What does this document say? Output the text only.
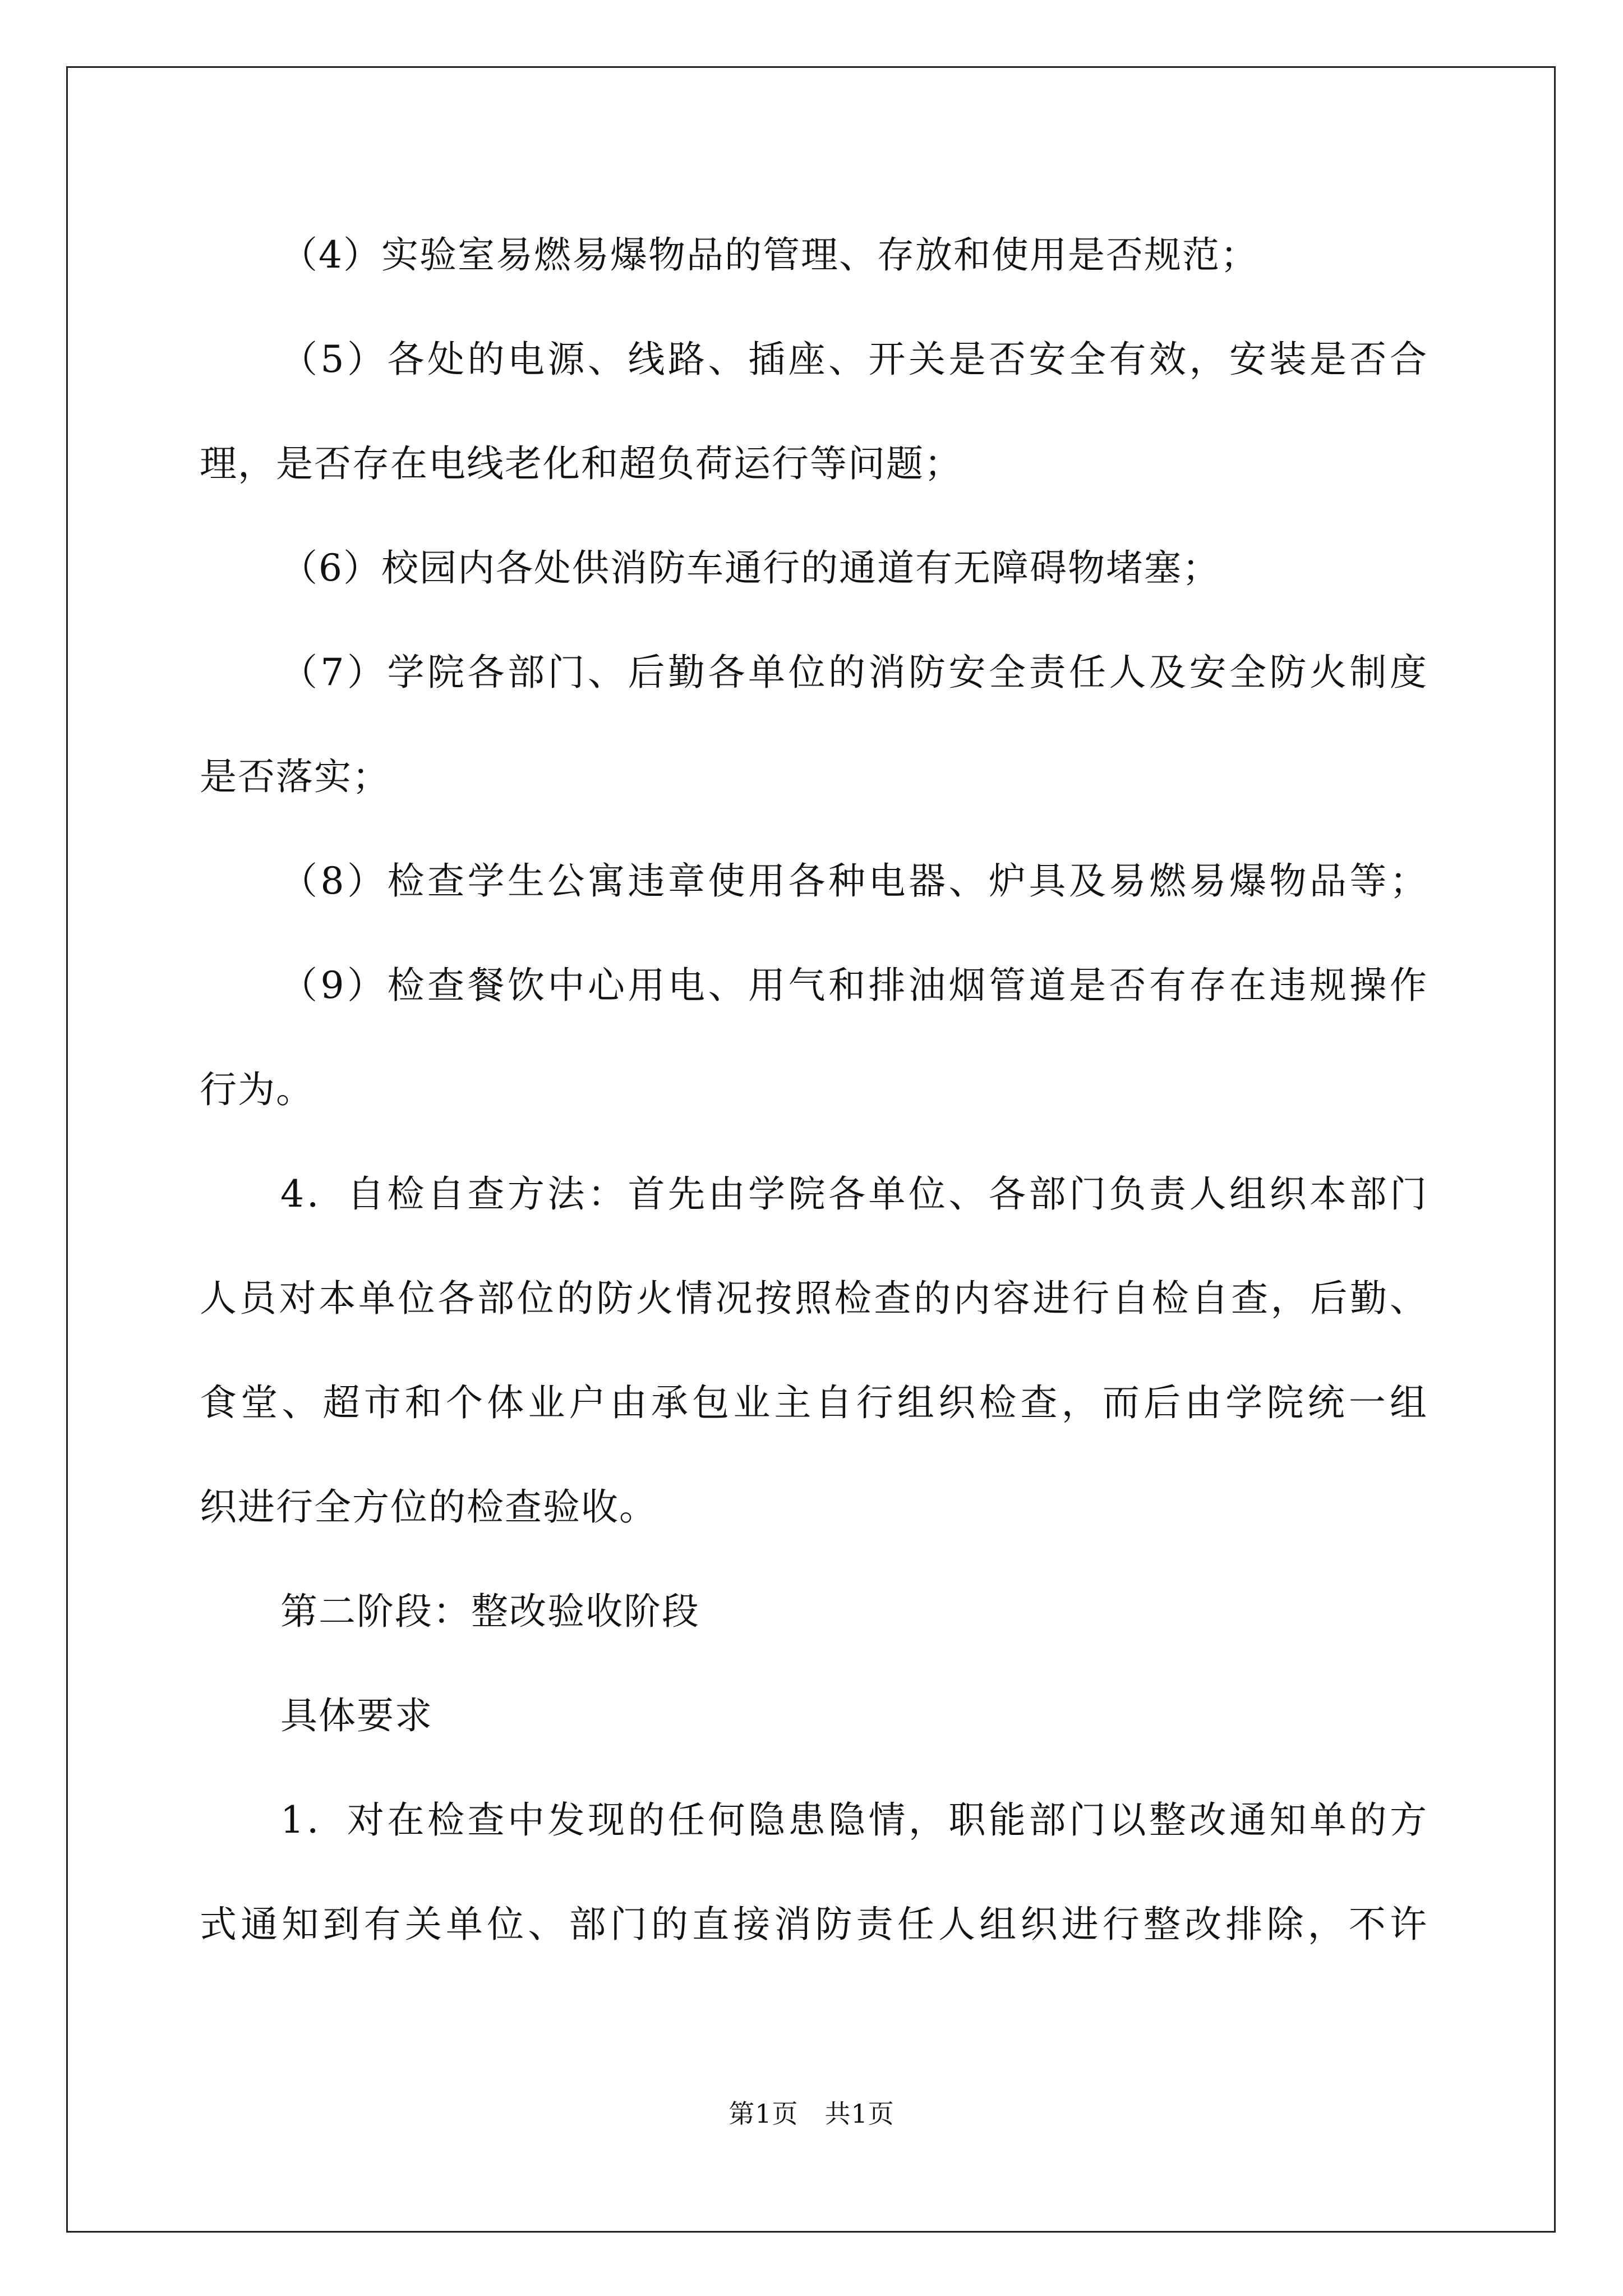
（4）实验室易燃易爆物品的管理、存放和使用是否规范；

（5）各处的电源、线路、插座、开关是否安全有效，安装是否合

理，是否存在电线老化和超负荷运行等问题；

（6）校园内各处供消防车通行的通道有无障碍物堵塞；

（7）学院各部门、后勤各单位的消防安全责任人及安全防火制度

是否落实；

（8）检查学生公寓违章使用各种电器、炉具及易燃易爆物品等；

（9）检查餐饮中心用电、用气和排油烟管道是否有存在违规操作

行为。

4．自检自查方法：首先由学院各单位、各部门负责人组织本部门

人员对本单位各部位的防火情况按照检查的内容进行自检自查，后勤、

食堂、超市和个体业户由承包业主自行组织检查，而后由学院统一组

织进行全方位的检查验收。

第二阶段：整改验收阶段

具体要求

1．对在检查中发现的任何隐患隐情，职能部门以整改通知单的方

式通知到有关单位、部门的直接消防责任人组织进行整改排除，不许

第1页 共1页
